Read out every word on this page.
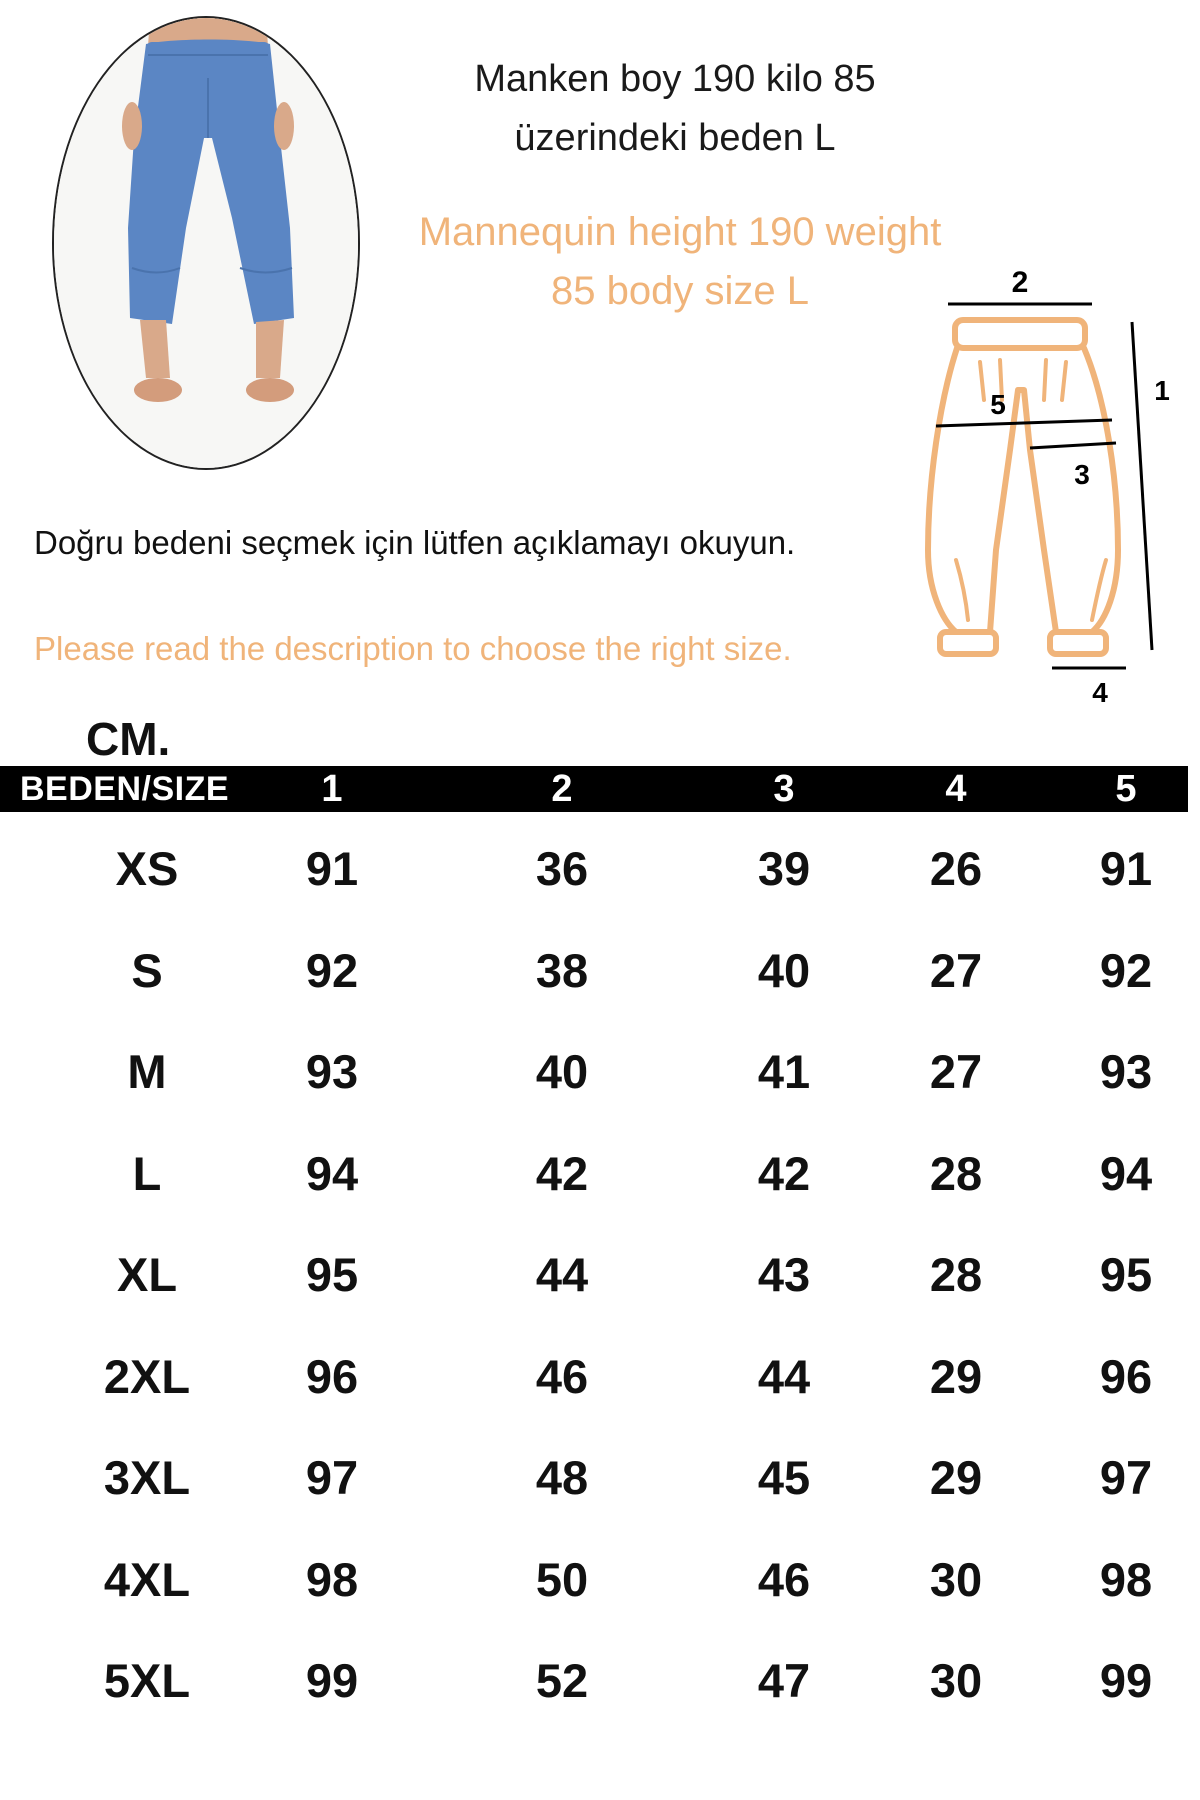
Manken boy 190 kilo 85
üzerindeki beden L
Mannequin height 190 weight
85 body size L
Doğru bedeni seçmek için lütfen açıklamayı okuyun.
Please read the description to choose the right size.
2
1
5
3
4
CM.
BEDEN/SIZE	1	2	3	4	5
XS	91	36	39	26	91
S	92	38	40	27	92
M	93	40	41	27	93
L	94	42	42	28	94
XL	95	44	43	28	95
2XL	96	46	44	29	96
3XL	97	48	45	29	97
4XL	98	50	46	30	98
5XL	99	52	47	30	99
